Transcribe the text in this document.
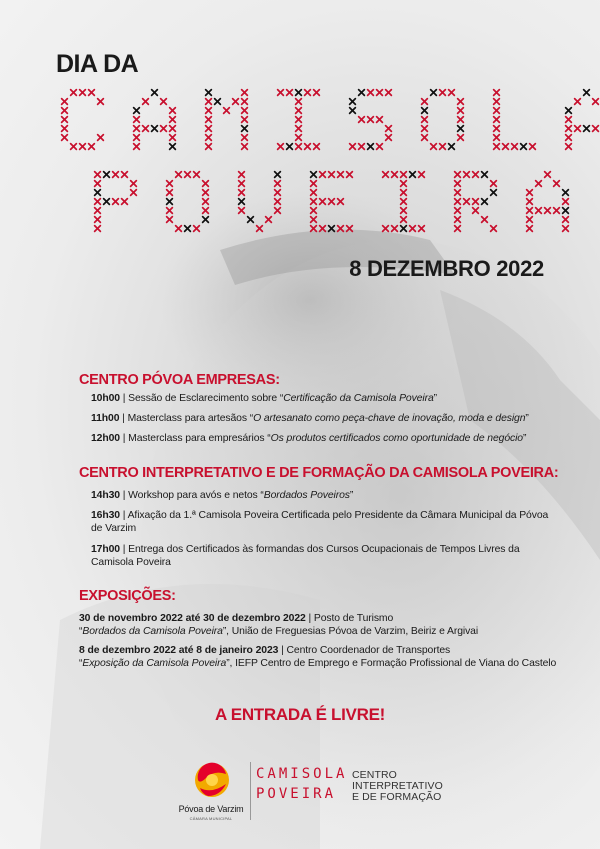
DIA DA
8 DEZEMBRO 2022
CENTRO PÓVOA EMPRESAS:
10h00 | Sessão de Esclarecimento sobre “Certificação da Camisola Poveira”
11h00 | Masterclass para artesãos “O artesanato como peça-chave de inovação, moda e design”
12h00 | Masterclass para empresários “Os produtos certificados como oportunidade de negócio”
CENTRO INTERPRETATIVO E DE FORMAÇÃO DA CAMISOLA POVEIRA:
14h30 | Workshop para avós e netos “Bordados Poveiros”
16h30 | Afixação da 1.ª Camisola Poveira Certificada pelo Presidente da Câmara Municipal da Póvoa de Varzim
17h00 | Entrega dos Certificados às formandas dos Cursos Ocupacionais de Tempos Livres da Camisola Poveira
EXPOSIÇÕES:
30 de novembro 2022 até 30 de dezembro 2022 | Posto de Turismo
“Bordados da Camisola Poveira”, União de Freguesias Póvoa de Varzim, Beiriz e Argivai
8 de dezembro 2022 até 8 de janeiro 2023 | Centro Coordenador de Transportes
“Exposição da Camisola Poveira”, IEFP Centro de Emprego e Formação Profissional de Viana do Castelo
A ENTRADA É LIVRE!
Póvoa de Varzim
CÂMARA MUNICIPAL
CAMISOLA
POVEIRA
CENTRO
INTERPRETATIVO
E DE FORMAÇÃO
